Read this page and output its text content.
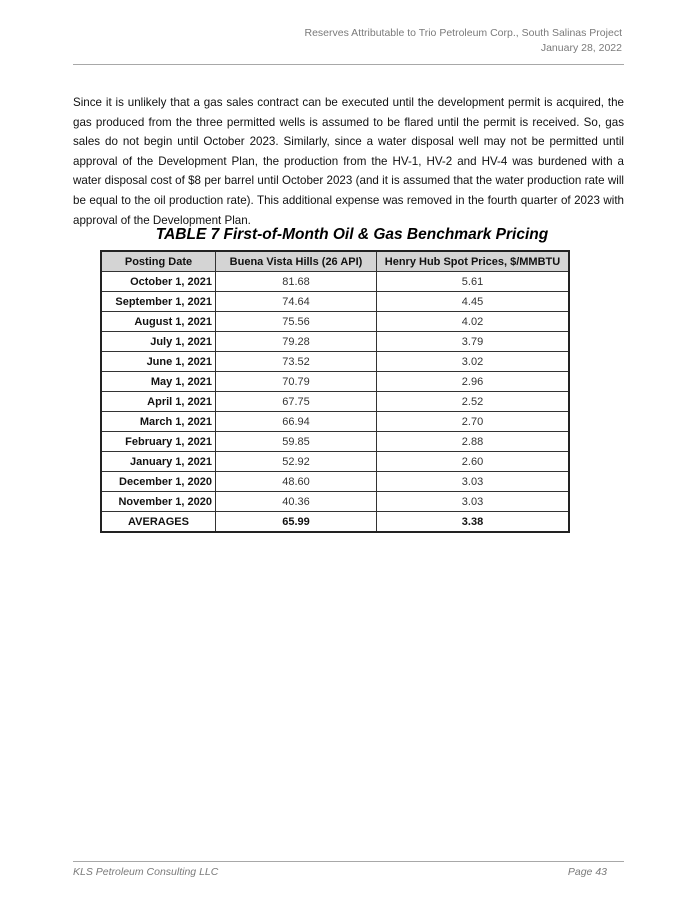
Reserves Attributable to Trio Petroleum Corp., South Salinas Project
January 28, 2022
Since it is unlikely that a gas sales contract can be executed until the development permit is acquired, the gas produced from the three permitted wells is assumed to be flared until the permit is received. So, gas sales do not begin until October 2023. Similarly, since a water disposal well may not be permitted until approval of the Development Plan, the production from the HV-1, HV-2 and HV-4 was burdened with a water disposal cost of $8 per barrel until October 2023 (and it is assumed that the water production rate will be equal to the oil production rate). This additional expense was removed in the fourth quarter of 2023 with approval of the Development Plan.
TABLE 7 First-of-Month Oil & Gas Benchmark Pricing
Posting Date	Buena Vista Hills (26 API)	Henry Hub Spot Prices, $/MMBTU
October 1, 2021	81.68	5.61
September 1, 2021	74.64	4.45
August 1, 2021	75.56	4.02
July 1, 2021	79.28	3.79
June 1, 2021	73.52	3.02
May 1, 2021	70.79	2.96
April 1, 2021	67.75	2.52
March 1, 2021	66.94	2.70
February 1, 2021	59.85	2.88
January 1, 2021	52.92	2.60
December 1, 2020	48.60	3.03
November 1, 2020	40.36	3.03
AVERAGES	65.99	3.38
KLS Petroleum Consulting LLC	Page 43
